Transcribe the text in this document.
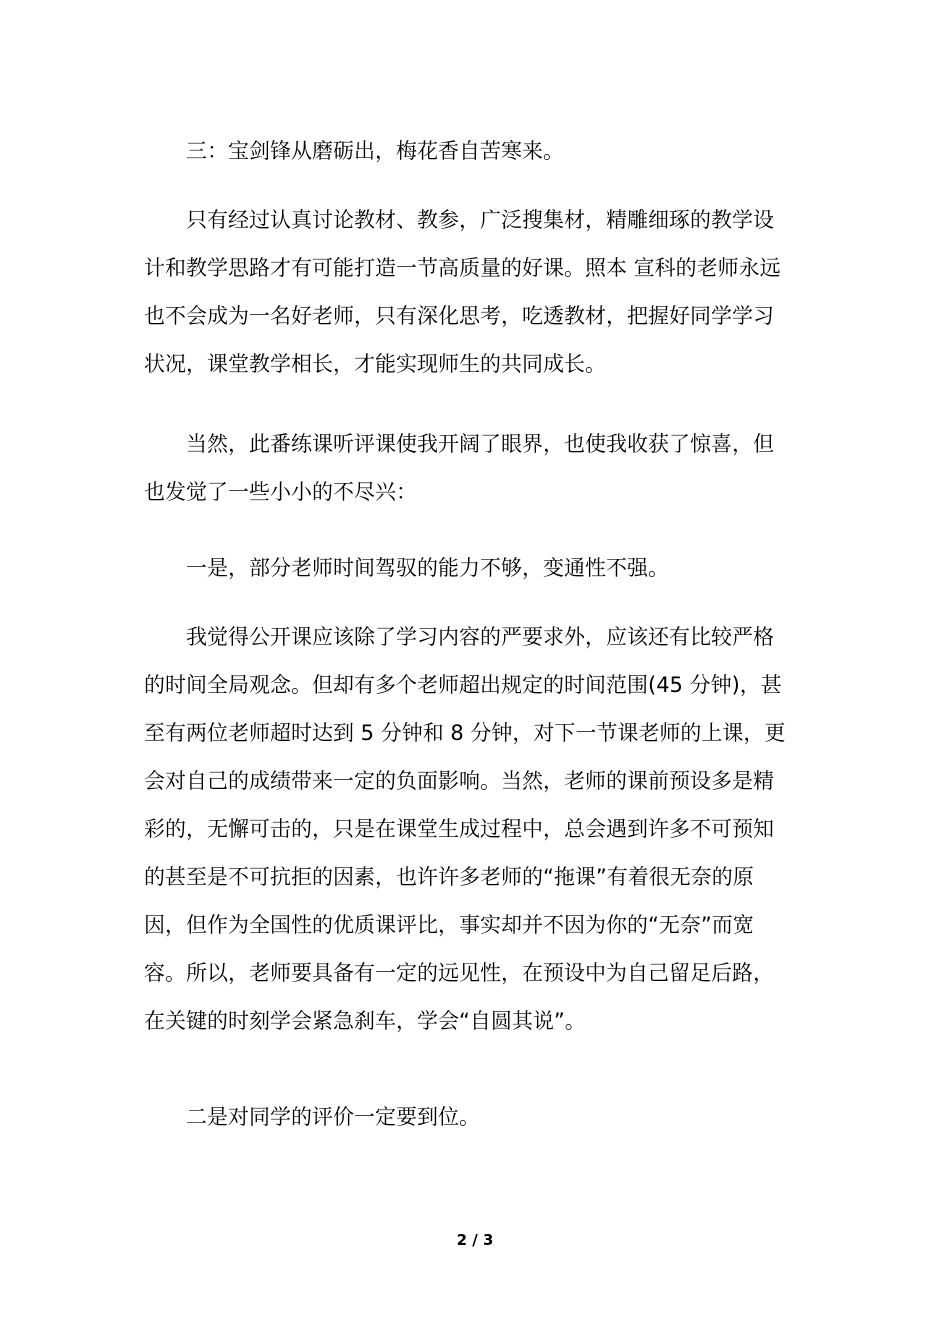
三：宝剑锋从磨砺出，梅花香自苦寒来。
只有经过认真讨论教材、教参，广泛搜集材，精雕细琢的教学设
计和教学思路才有可能打造一节高质量的好课。照本 宣科的老师永远
也不会成为一名好老师，只有深化思考，吃透教材，把握好同学学习
状况，课堂教学相长，才能实现师生的共同成长。
当然，此番练课听评课使我开阔了眼界，也使我收获了惊喜，但
也发觉了一些小小的不尽兴：
一是，部分老师时间驾驭的能力不够，变通性不强。
我觉得公开课应该除了学习内容的严要求外，应该还有比较严格
的时间全局观念。但却有多个老师超出规定的时间范围(45 分钟)，甚
至有两位老师超时达到 5 分钟和 8 分钟，对下一节课老师的上课，更
会对自己的成绩带来一定的负面影响。当然，老师的课前预设多是精
彩的，无懈可击的，只是在课堂生成过程中，总会遇到许多不可预知
的甚至是不可抗拒的因素，也许许多老师的“拖课”有着很无奈的原
因，但作为全国性的优质课评比，事实却并不因为你的“无奈”而宽
容。所以，老师要具备有一定的远见性，在预设中为自己留足后路，
在关键的时刻学会紧急刹车，学会“自圆其说”。
二是对同学的评价一定要到位。
2 / 3
